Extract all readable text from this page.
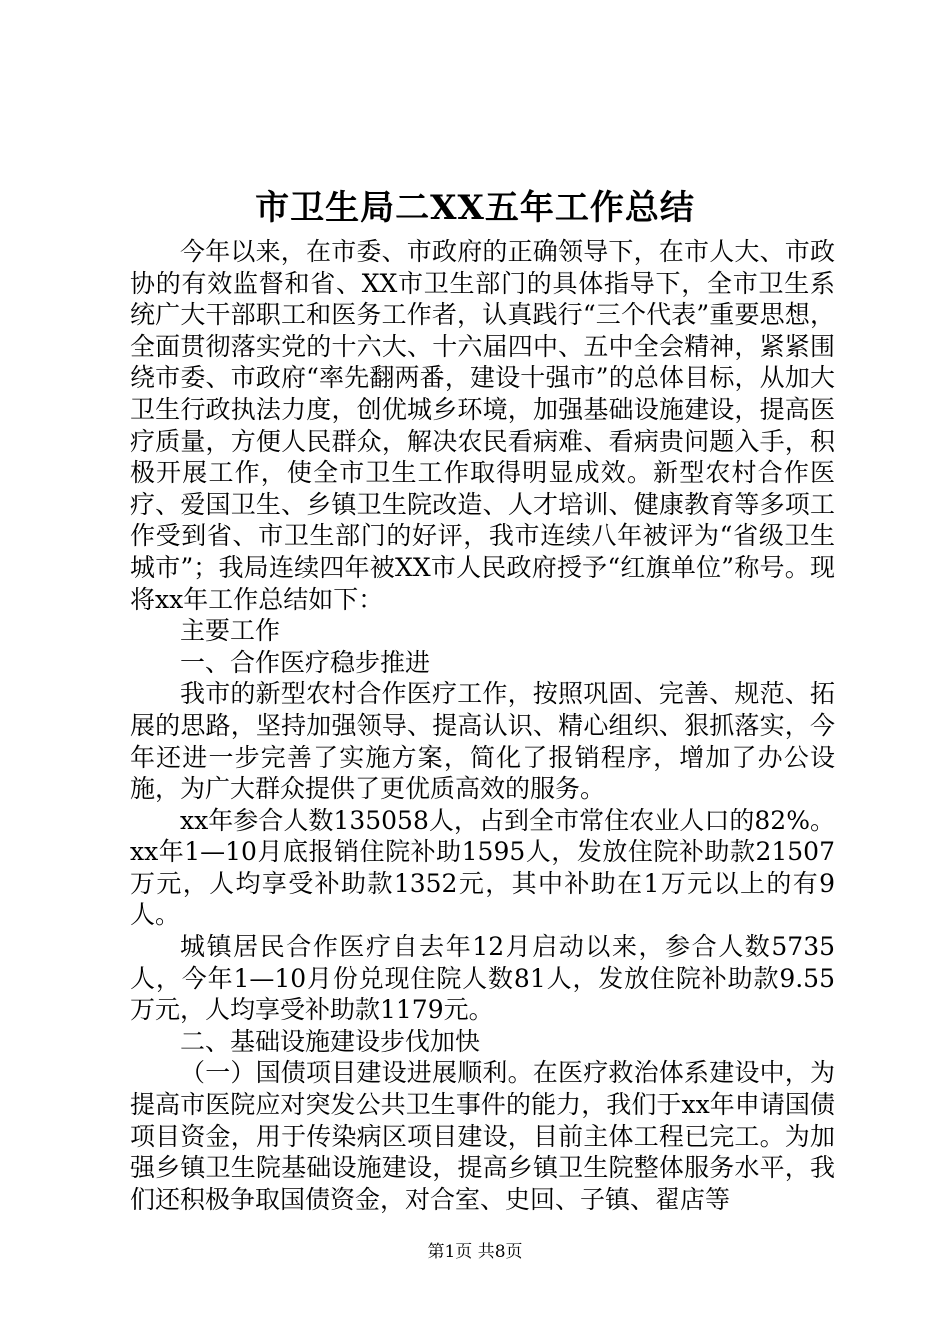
市卫生局二XX五年工作总结

今年以来，在市委、市政府的正确领导下，在市人大、市政协的有效监督和省、XX市卫生部门的具体指导下，全市卫生系统广大干部职工和医务工作者，认真践行“三个代表”重要思想，全面贯彻落实党的十六大、十六届四中、五中全会精神，紧紧围绕市委、市政府“率先翻两番，建设十强市”的总体目标，从加大卫生行政执法力度，创优城乡环境，加强基础设施建设，提高医疗质量，方便人民群众，解决农民看病难、看病贵问题入手，积极开展工作，使全市卫生工作取得明显成效。新型农村合作医疗、爱国卫生、乡镇卫生院改造、人才培训、健康教育等多项工作受到省、市卫生部门的好评，我市连续八年被评为“省级卫生城市”；我局连续四年被XX市人民政府授予“红旗单位”称号。现将xx年工作总结如下：

主要工作

一、合作医疗稳步推进

我市的新型农村合作医疗工作，按照巩固、完善、规范、拓展的思路，坚持加强领导、提高认识、精心组织、狠抓落实，今年还进一步完善了实施方案，简化了报销程序，增加了办公设施，为广大群众提供了更优质高效的服务。

xx年参合人数135058人，占到全市常住农业人口的82%。xx年1—10月底报销住院补助1595人，发放住院补助款21507万元，人均享受补助款1352元，其中补助在1万元以上的有9人。

城镇居民合作医疗自去年12月启动以来，参合人数5735人，今年1—10月份兑现住院人数81人，发放住院补助款9.55万元，人均享受补助款1179元。

二、基础设施建设步伐加快

（一）国债项目建设进展顺利。在医疗救治体系建设中，为提高市医院应对突发公共卫生事件的能力，我们于xx年申请国债项目资金，用于传染病区项目建设，目前主体工程已完工。为加强乡镇卫生院基础设施建设，提高乡镇卫生院整体服务水平，我们还积极争取国债资金，对合室、史回、子镇、翟店等

第1页 共8页
